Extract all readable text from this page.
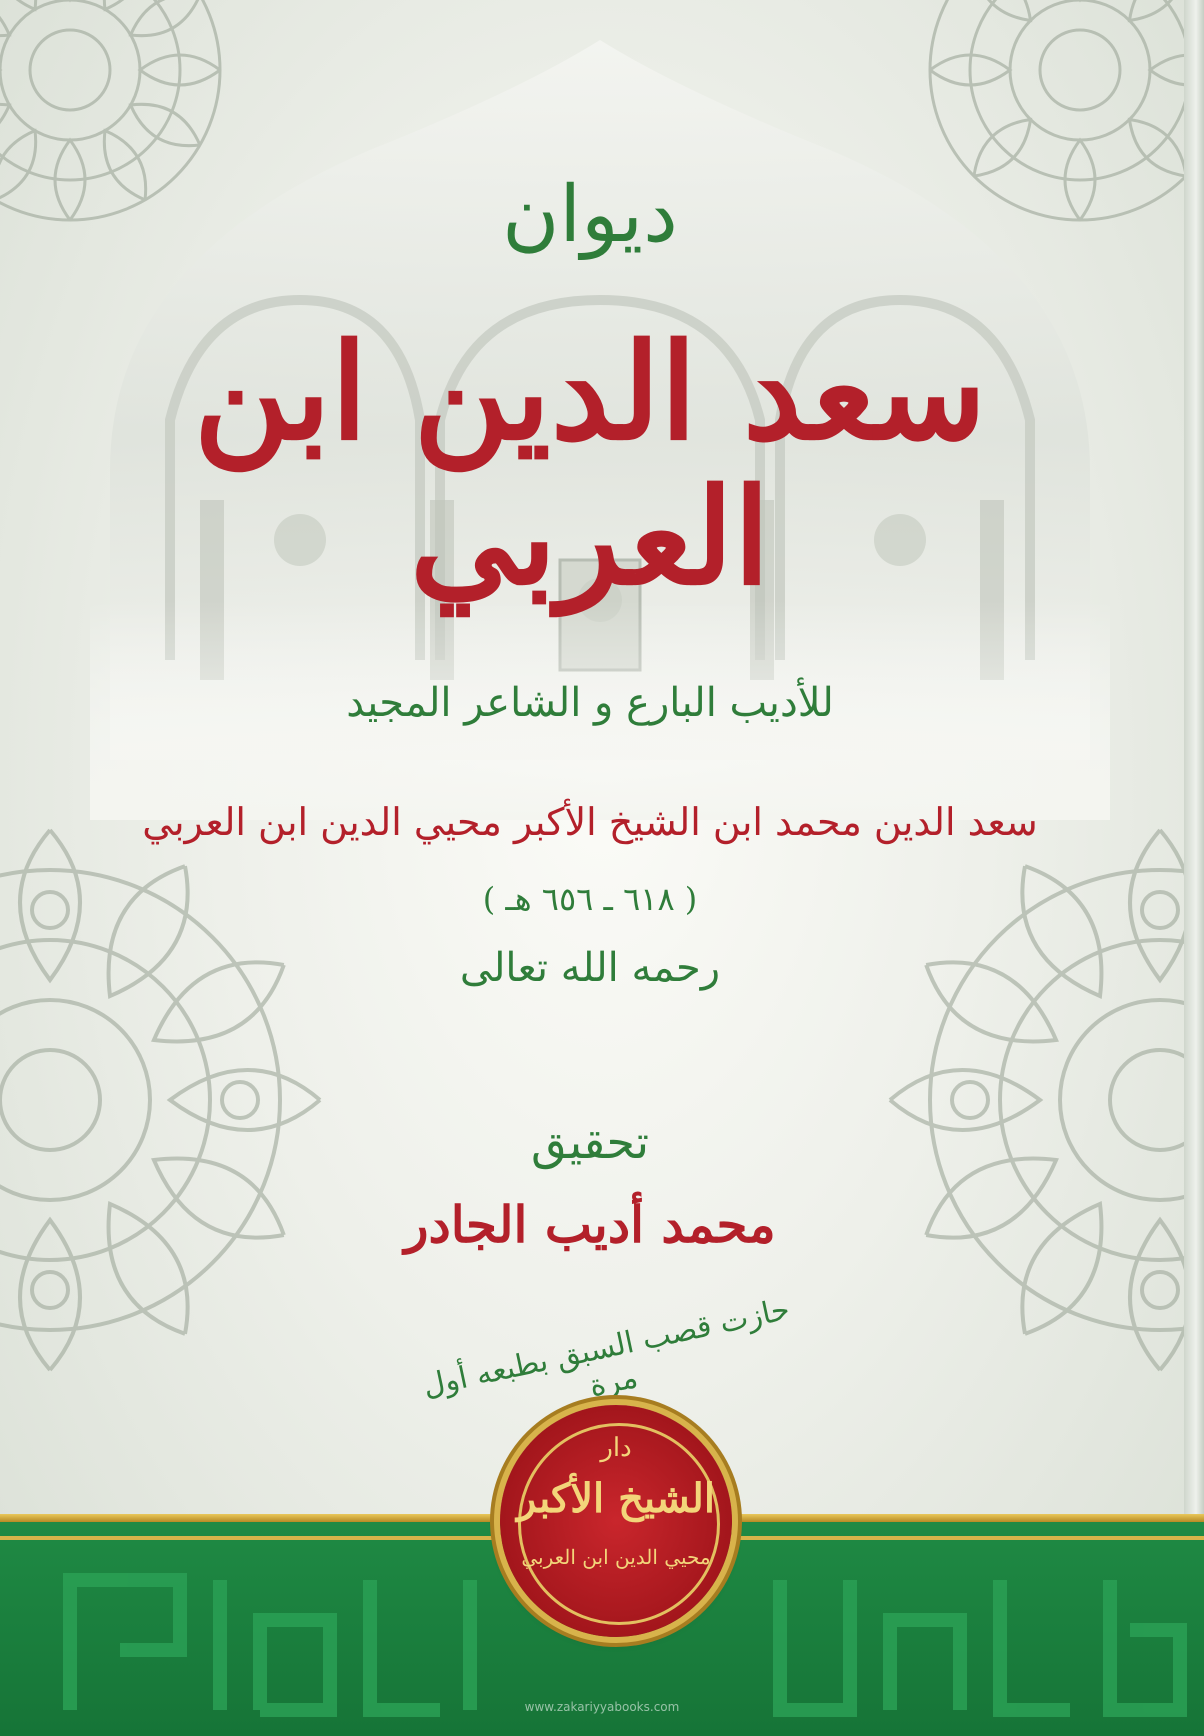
ديوان
سعد الدين ابن العربي
للأديب البارع و الشاعر المجيد
سعد الدين محمد ابن الشيخ الأكبر محيي الدين ابن العربي
( ٦١٨ ـ ٦٥٦ هـ )
رحمه الله تعالى
تحقيق
محمد أديب الجادر
حازت قصب السبق بطبعه أول مرة
دار
الشيخ الأكبر
محيي الدين ابن العربي
www.zakariyyabooks.com
